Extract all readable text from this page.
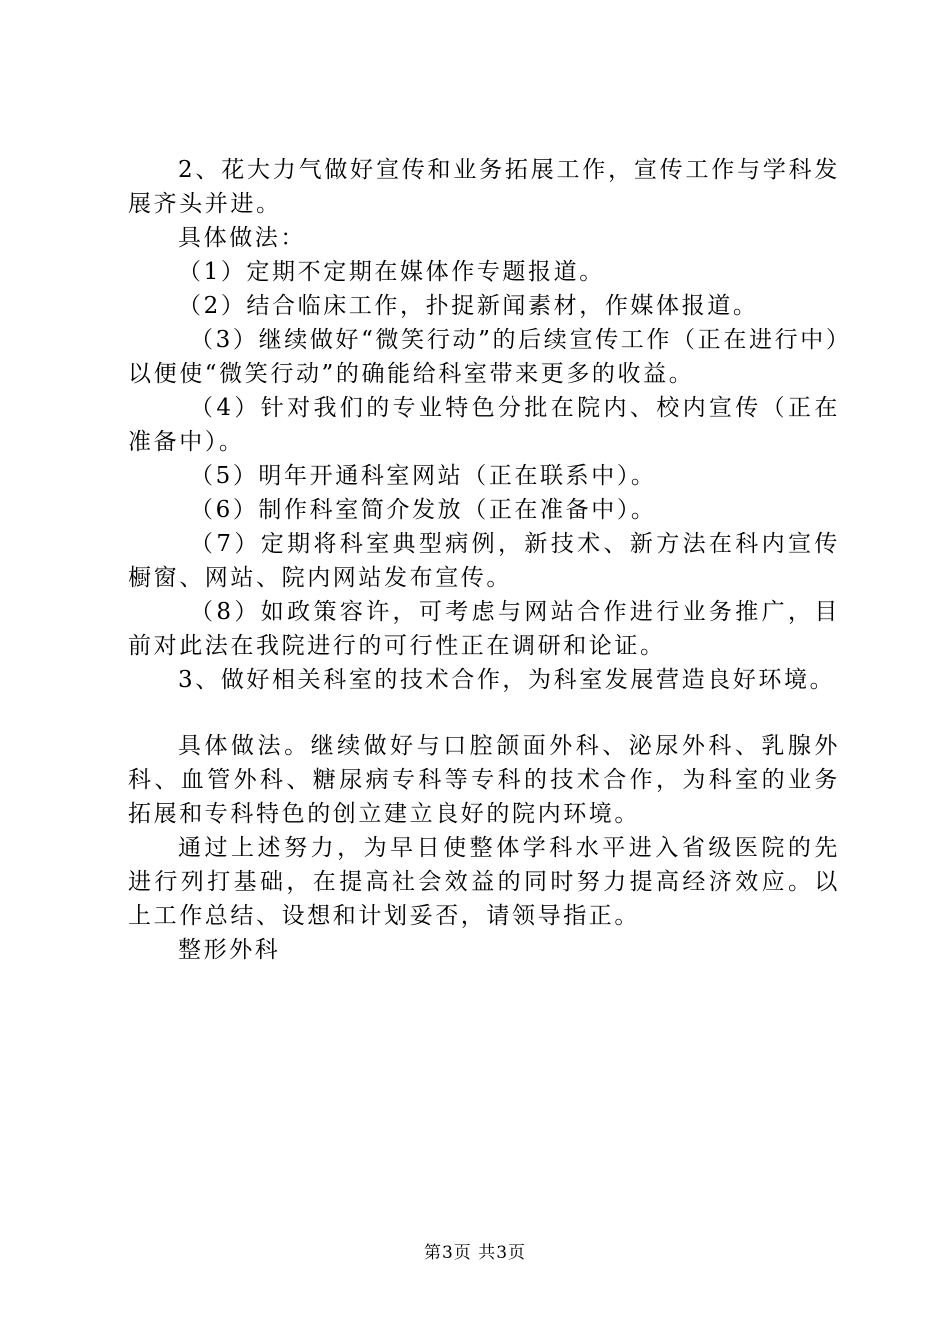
2、花大力气做好宣传和业务拓展工作，宣传工作与学科发展齐头并进。

具体做法：

（1）定期不定期在媒体作专题报道。

（2）结合临床工作，扑捉新闻素材，作媒体报道。

（3）继续做好“微笑行动”的后续宣传工作（正在进行中）以便使“微笑行动”的确能给科室带来更多的收益。

（4）针对我们的专业特色分批在院内、校内宣传（正在准备中）。

（5）明年开通科室网站（正在联系中）。

（6）制作科室简介发放（正在准备中）。

（7）定期将科室典型病例，新技术、新方法在科内宣传橱窗、网站、院内网站发布宣传。

（8）如政策容许，可考虑与网站合作进行业务推广，目前对此法在我院进行的可行性正在调研和论证。

3、做好相关科室的技术合作，为科室发展营造良好环境。

具体做法。继续做好与口腔颌面外科、泌尿外科、乳腺外科、血管外科、糖尿病专科等专科的技术合作，为科室的业务拓展和专科特色的创立建立良好的院内环境。

通过上述努力，为早日使整体学科水平进入省级医院的先进行列打基础，在提高社会效益的同时努力提高经济效应。以上工作总结、设想和计划妥否，请领导指正。

整形外科

第3页 共3页
